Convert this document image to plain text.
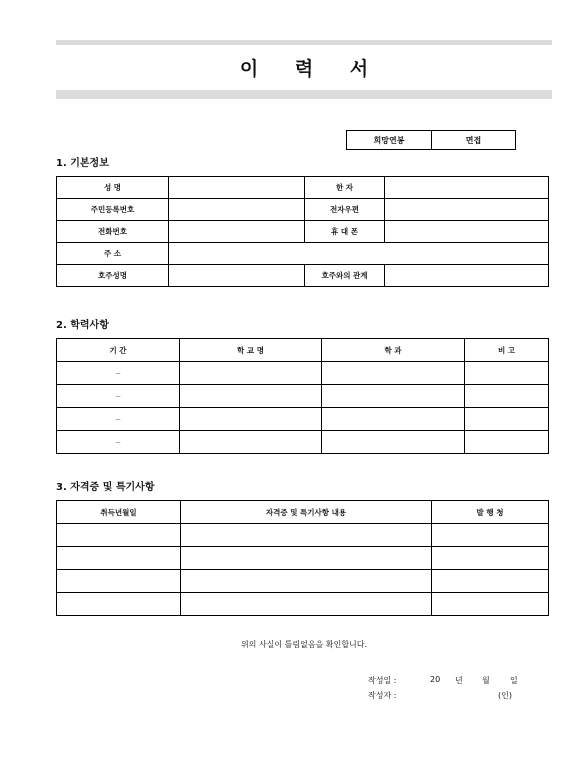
이 력 서
희망연봉	면접
1. 기본정보
성 명		한 자	
주민등록번호		전자우편	
전화번호		휴 대 폰	
주 소			
호주성명		호주와의 관계	
2. 학력사항
기 간	학 교 명	학 과	비 고
~			
~			
~			
~			
3. 자격증 및 특기사항
취득년월일	자격증 및 특기사항 내용	발 행 청

위의 사실이 틀림없음을 확인합니다.
작성일 :	20 년 월	일
작성자 :	(인)
